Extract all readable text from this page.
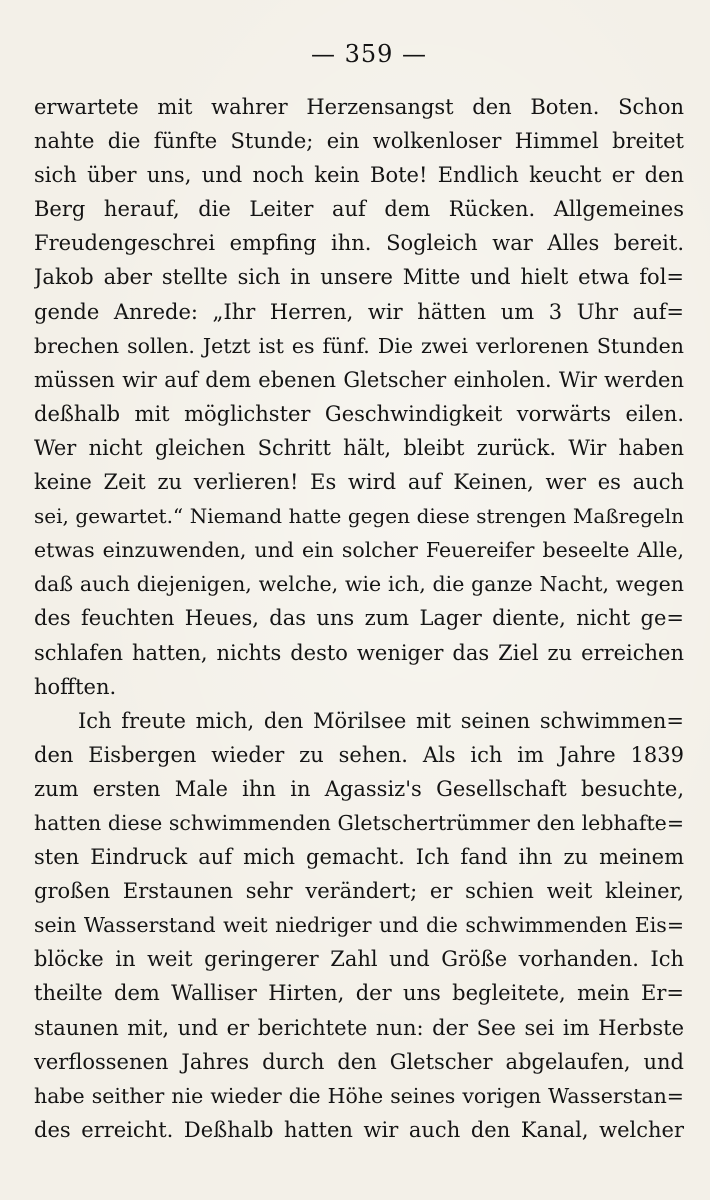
— 359 —
erwartete mit wahrer Herzensangst den Boten. Schon
nahte die fünfte Stunde; ein wolkenloser Himmel breitet
sich über uns, und noch kein Bote! Endlich keucht er den
Berg herauf, die Leiter auf dem Rücken. Allgemeines
Freudengeschrei empfing ihn. Sogleich war Alles bereit.
Jakob aber stellte sich in unsere Mitte und hielt etwa fol=
gende Anrede: „Ihr Herren, wir hätten um 3 Uhr auf=
brechen sollen. Jetzt ist es fünf. Die zwei verlorenen Stunden
müssen wir auf dem ebenen Gletscher einholen. Wir werden
deßhalb mit möglichster Geschwindigkeit vorwärts eilen.
Wer nicht gleichen Schritt hält, bleibt zurück. Wir haben
keine Zeit zu verlieren! Es wird auf Keinen, wer es auch
sei, gewartet.“ Niemand hatte gegen diese strengen Maßregeln
etwas einzuwenden, und ein solcher Feuereifer beseelte Alle,
daß auch diejenigen, welche, wie ich, die ganze Nacht, wegen
des feuchten Heues, das uns zum Lager diente, nicht ge=
schlafen hatten, nichts desto weniger das Ziel zu erreichen
hofften.
Ich freute mich, den Mörilsee mit seinen schwimmen=
den Eisbergen wieder zu sehen. Als ich im Jahre 1839
zum ersten Male ihn in Agassiz's Gesellschaft besuchte,
hatten diese schwimmenden Gletschertrümmer den lebhafte=
sten Eindruck auf mich gemacht. Ich fand ihn zu meinem
großen Erstaunen sehr verändert; er schien weit kleiner,
sein Wasserstand weit niedriger und die schwimmenden Eis=
blöcke in weit geringerer Zahl und Größe vorhanden. Ich
theilte dem Walliser Hirten, der uns begleitete, mein Er=
staunen mit, und er berichtete nun: der See sei im Herbste
verflossenen Jahres durch den Gletscher abgelaufen, und
habe seither nie wieder die Höhe seines vorigen Wasserstan=
des erreicht. Deßhalb hatten wir auch den Kanal, welcher
